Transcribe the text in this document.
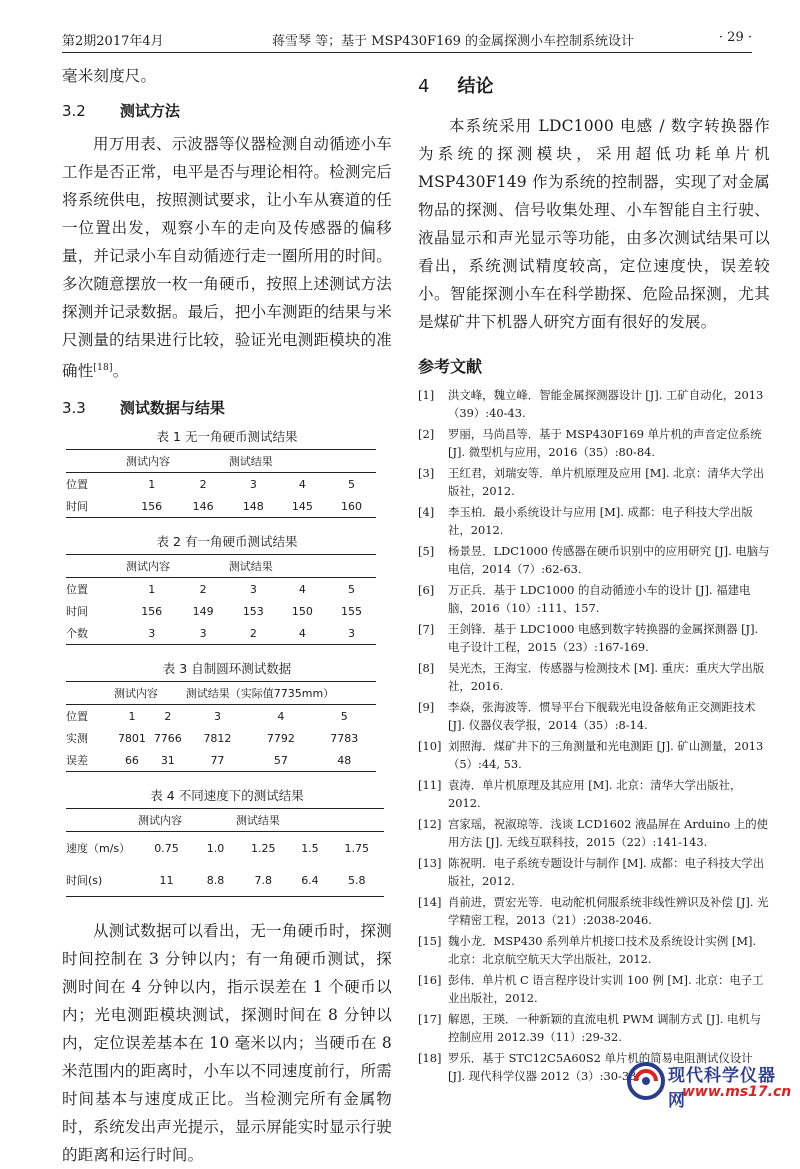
第2期2017年4月	蒋雪琴 等；基于 MSP430F169 的金属探测小车控制系统设计	· 29 ·

毫米刻度尺。

3.2 测试方法

用万用表、示波器等仪器检测自动循迹小车工作是否正常，电平是否与理论相符。检测完后将系统供电，按照测试要求，让小车从赛道的任一位置出发，观察小车的走向及传感器的偏移量，并记录小车自动循迹行走一圈所用的时间。多次随意摆放一枚一角硬币，按照上述测试方法探测并记录数据。最后，把小车测距的结果与米尺测量的结果进行比较，验证光电测距模块的准确性[18]。

3.3 测试数据与结果
表 1 无一角硬币测试结果
	测试内容		测试结果		
位置	1	2	3	4	5
时间	156	146	148	145	160
表 2 有一角硬币测试结果
	测试内容		测试结果		
位置	1	2	3	4	5
时间	156	149	153	150	155
个数	3	3	2	4	3
表 3 自制圆环测试数据
	测试内容		测试结果（实际值7735mm）		
位置	1	2	3	4	5
实测	7801	7766	7812	7792	7783
误差	66	31	77	57	48
表 4 不同速度下的测试结果
	测试内容		测试结果		
速度（m/s）	0.75	1.0	1.25	1.5	1.75
时间(s)	11	8.8	7.8	6.4	5.8

从测试数据可以看出，无一角硬币时，探测时间控制在 3 分钟以内；有一角硬币测试，探测时间在 4 分钟以内，指示误差在 1 个硬币以内；光电测距模块测试，探测时间在 8 分钟以内，定位误差基本在 10 毫米以内；当硬币在 8 米范围内的距离时，小车以不同速度前行，所需时间基本与速度成正比。当检测完所有金属物时，系统发出声光提示，显示屏能实时显示行驶的距离和运行时间。

4 结论

本系统采用 LDC1000 电感 / 数字转换器作为系统的探测模块，采用超低功耗单片机 MSP430F149 作为系统的控制器，实现了对金属物品的探测、信号收集处理、小车智能自主行驶、液晶显示和声光显示等功能，由多次测试结果可以看出，系统测试精度较高，定位速度快，误差较小。智能探测小车在科学勘探、危险品探测，尤其是煤矿井下机器人研究方面有很好的发展。

参考文献
[1]	洪文峰，魏立峰．智能金属探测器设计 [J]. 工矿自动化，2013（39）:40-43.
[2]	罗丽，马尚昌等．基于 MSP430F169 单片机的声音定位系统 [J]. 微型机与应用，2016（35）:80-84.
[3]	王红君，刘瑞安等．单片机原理及应用 [M]. 北京：清华大学出版社，2012.
[4]	李玉柏．最小系统设计与应用 [M]. 成都：电子科技大学出版社，2012.
[5]	杨景昱．LDC1000 传感器在硬币识别中的应用研究 [J]. 电脑与电信，2014（7）:62-63.
[6]	万正兵．基于 LDC1000 的自动循迹小车的设计 [J]. 福建电脑，2016（10）:111、157.
[7]	王剑锋．基于 LDC1000 电感到数字转换器的金属探测器 [J]. 电子设计工程，2015（23）:167-169.
[8]	吴光杰，王海宝．传感器与检测技术 [M]. 重庆：重庆大学出版社，2016.
[9]	李焱，张海波等．惯导平台下舰载光电设备舷角正交测距技术 [J]. 仪器仪表学报，2014（35）:8-14.
[10] 刘照海．煤矿井下的三角测量和光电测距 [J]. 矿山测量，2013（5）:44, 53.
[11] 袁涛．单片机原理及其应用 [M]. 北京：清华大学出版社，2012.
[12] 宫家瑶，祝淑琼等．浅谈 LCD1602 液晶屏在 Arduino 上的使用方法 [J]. 无线互联科技，2015（22）:141-143.
[13] 陈祝明．电子系统专题设计与制作 [M]. 成都：电子科技大学出版社，2012.
[14] 肖前进，贾宏光等．电动舵机伺服系统非线性辨识及补偿 [J]. 光学精密工程，2013（21）:2038-2046.
[15] 魏小龙．MSP430 系列单片机接口技术及系统设计实例 [M]. 北京：北京航空航天大学出版社，2012.
[16] 彭伟．单片机 C 语言程序设计实训 100 例 [M]. 北京：电子工业出版社，2012.
[17] 解恩，王瑛．一种新颖的直流电机 PWM 调制方式 [J]. 电机与控制应用 2012.39（11）:29-32.
[18] 罗乐．基于 STC12C5A60S2 单片机的简易电阻测试仪设计 [J]. 现代科学仪器 2012（3）:30-33.	现代科学仪器网
www.ms17.cn
